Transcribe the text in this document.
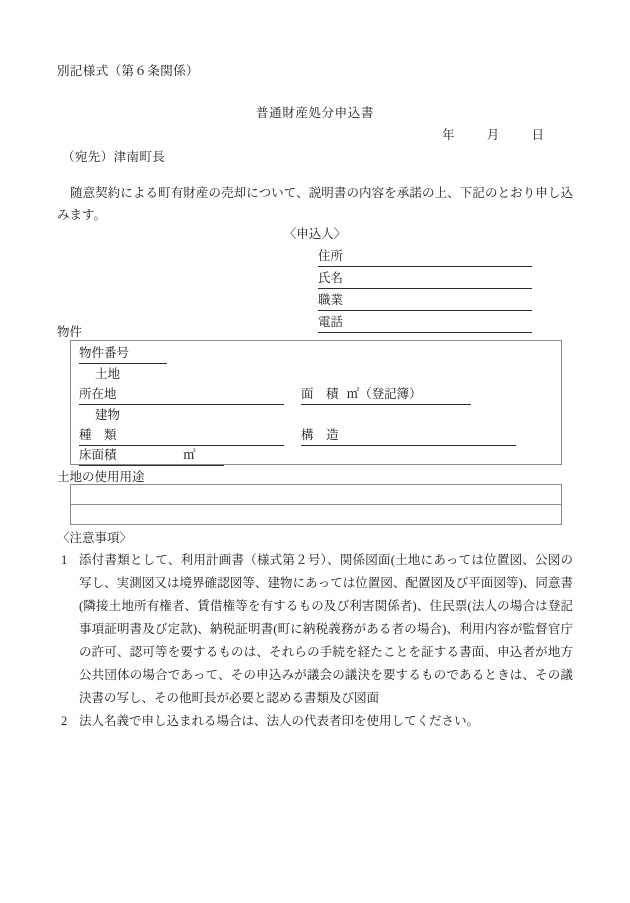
別記様式（第６条関係）
普通財産処分申込書
年	月	日
（宛先）津南町長
随意契約による町有財産の売却について、説明書の内容を承諾の上、下記のとおり申し込みます。
〈申込人〉
住所
氏名
職業
電話
物件
物件番号
土地
所在地	面　積 ㎡（登記簿）
建物
種　類	構　造
床面積	㎡
土地の使用用途
〈注意事項〉
1 添付書類として、利用計画書（様式第２号）、関係図面(土地にあっては位置図、公図の写し、実測図又は境界確認図等、建物にあっては位置図、配置図及び平面図等)、同意書(隣接土地所有権者、賃借権等を有するもの及び利害関係者)、住民票(法人の場合は登記事項証明書及び定款)、納税証明書(町に納税義務がある者の場合)、利用内容が監督官庁の許可、認可等を要するものは、それらの手続を経たことを証する書面、申込者が地方公共団体の場合であって、その申込みが議会の議決を要するものであるときは、その議決書の写し、その他町長が必要と認める書類及び図面
2 法人名義で申し込まれる場合は、法人の代表者印を使用してください。
